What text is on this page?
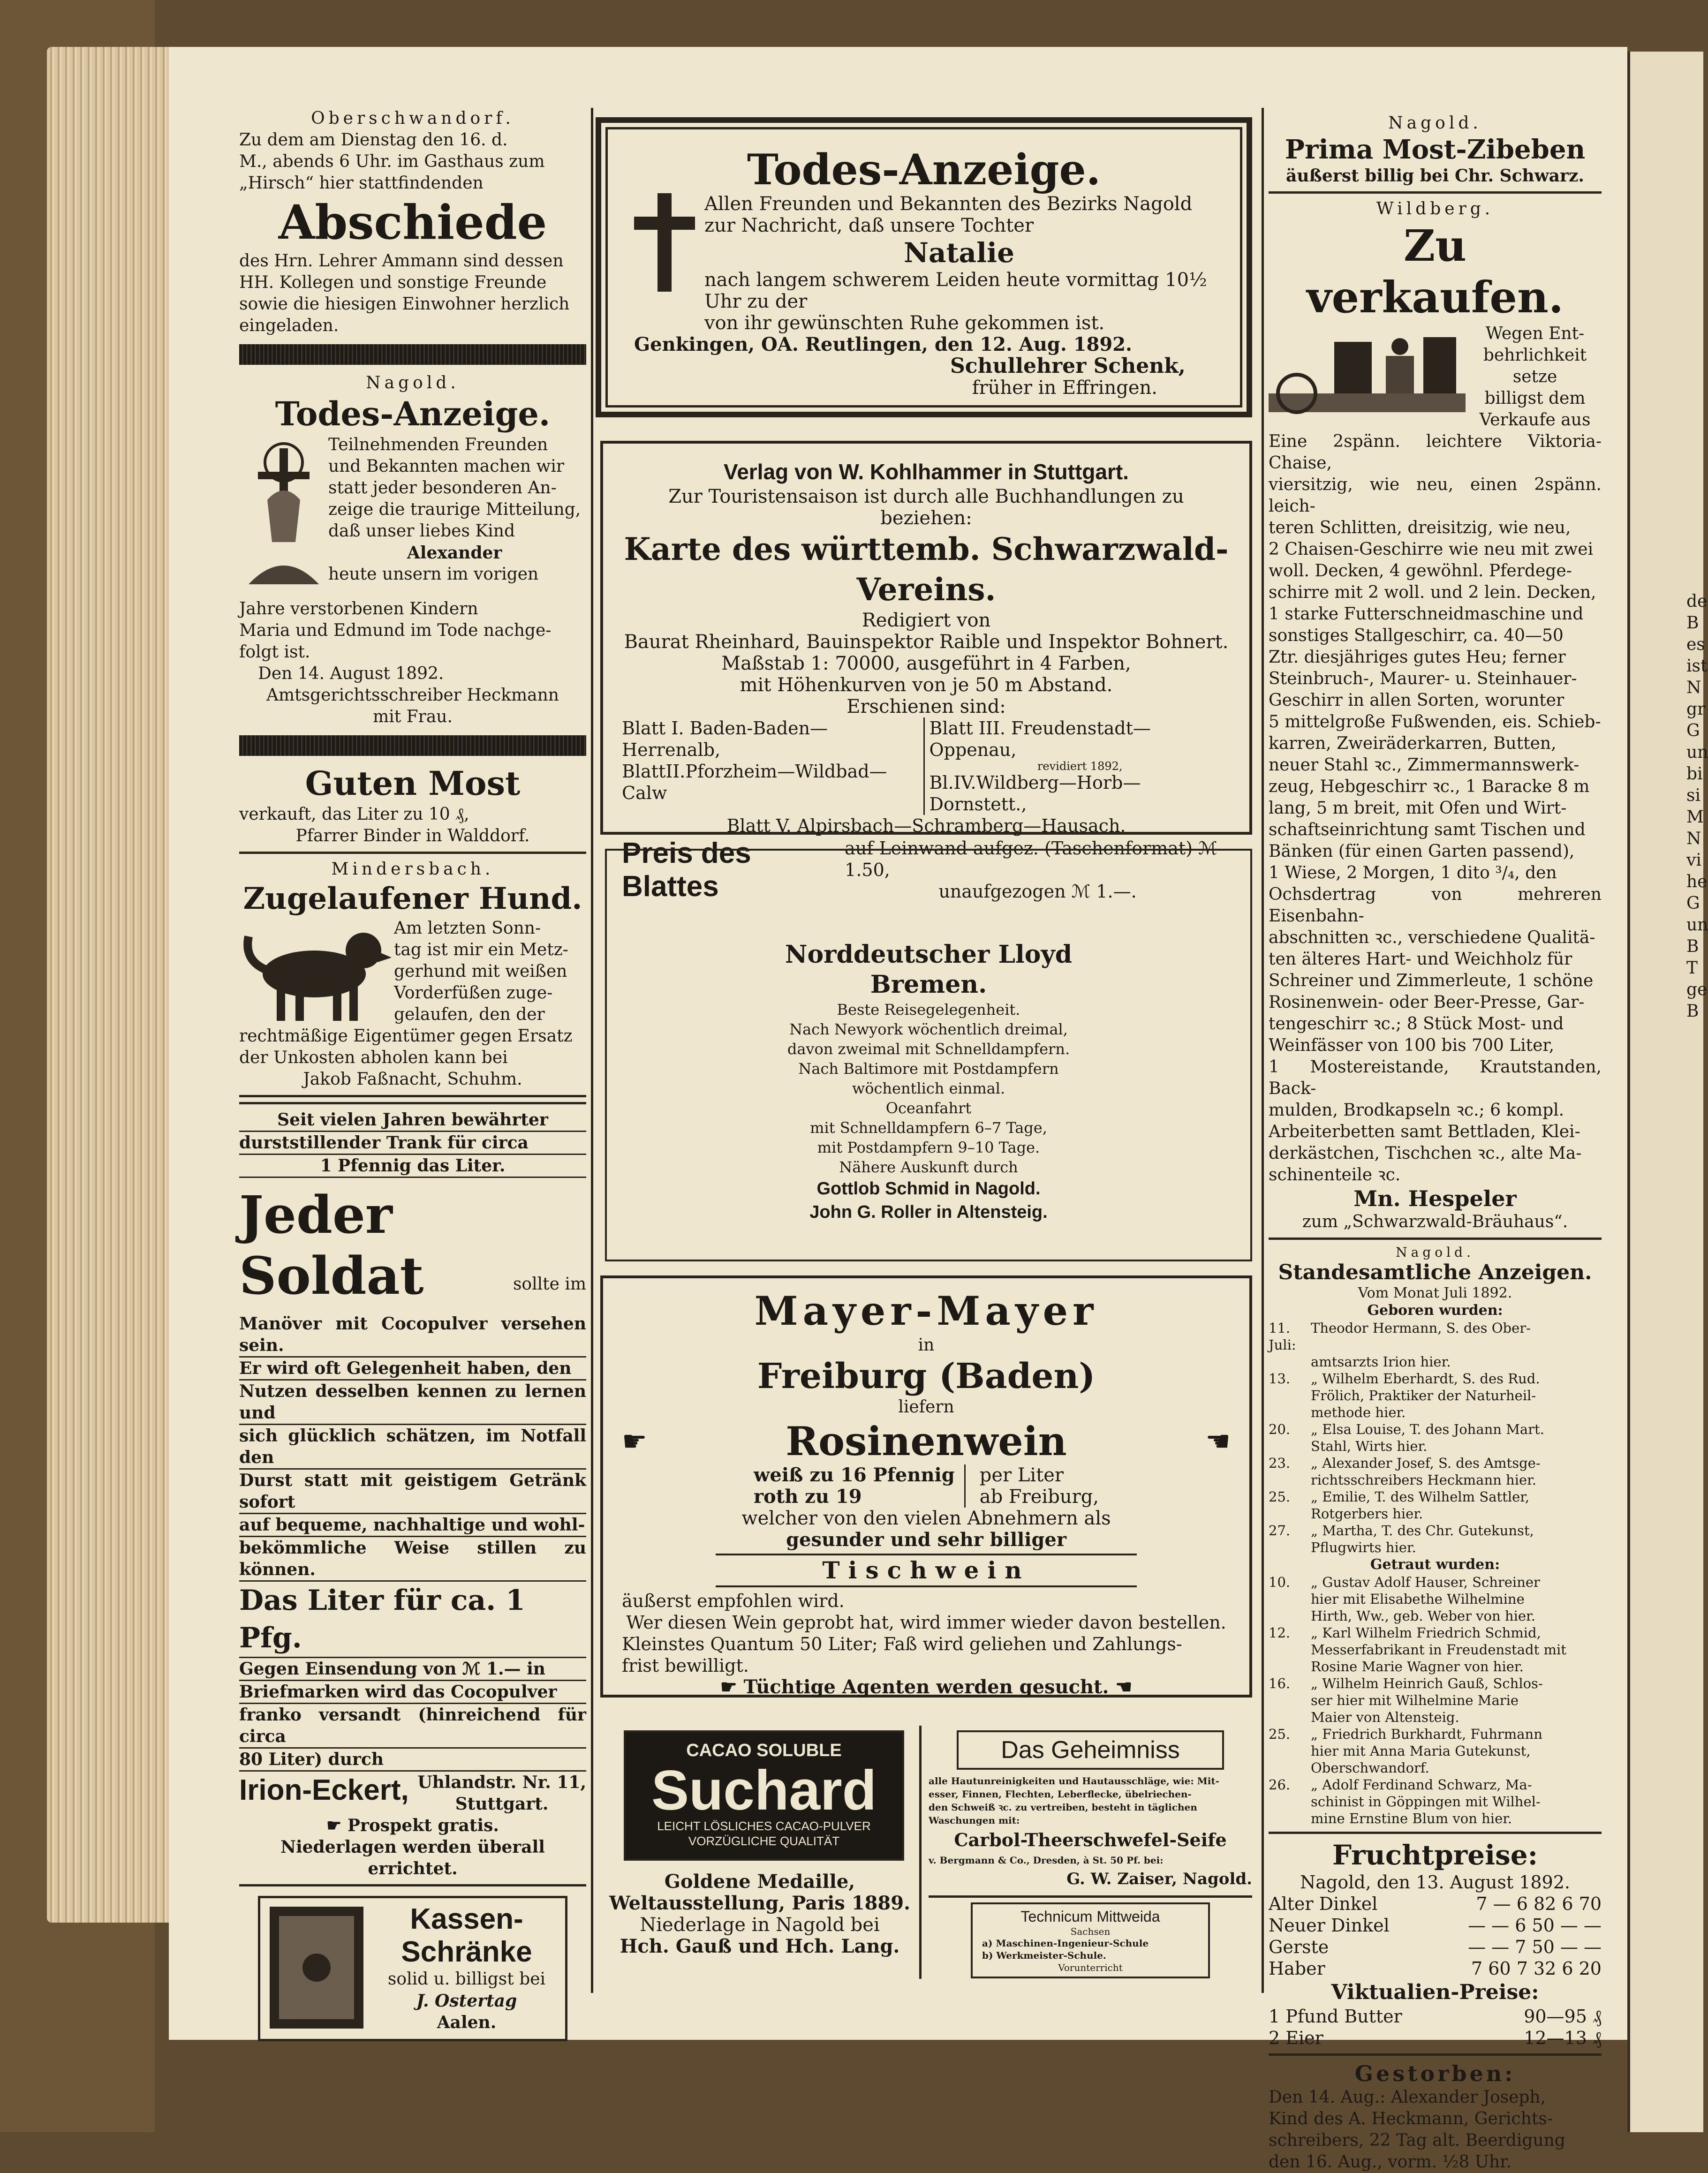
Oberschwandorf.

Zu dem am Dienstag den 16. d.

M., abends 6 Uhr. im Gasthaus zum

„Hirsch“ hier stattfindenden

Abschiede

des Hrn. Lehrer Ammann sind dessen

HH. Kollegen und sonstige Freunde

sowie die hiesigen Einwohner herzlich

eingeladen.

Nagold.

Todes-Anzeige.

Teilnehmenden Freunden

und Bekannten machen wir

statt jeder besonderen An-

zeige die traurige Mitteilung,

daß unser liebes Kind

Alexander

heute unsern im vorigen

Jahre verstorbenen Kindern

Maria und Edmund im Tode nachge-

folgt ist.

Den 14. August 1892.

Amtsgerichtsschreiber Heckmann

mit Frau.

Guten Most

verkauft, das Liter zu 10 ₰,

Pfarrer Binder in Walddorf.

Mindersbach.

Zugelaufener Hund.

Am letzten Sonn-

tag ist mir ein Metz-

gerhund mit weißen

Vorderfüßen zuge-

gelaufen, den der

rechtmäßige Eigentümer gegen Ersatz

der Unkosten abholen kann bei

Jakob Faßnacht, Schuhm.

Seit vielen Jahren bewährter

durststillender Trank für circa

1 Pfennig das Liter.

Jeder Soldat	sollte im

Manöver mit Cocopulver versehen sein.

Er wird oft Gelegenheit haben, den

Nutzen desselben kennen zu lernen und

sich glücklich schätzen, im Notfall den

Durst statt mit geistigem Getränk sofort

auf bequeme, nachhaltige und wohl-

bekömmliche Weise stillen zu können.

Das Liter für ca. 1 Pfg.

Gegen Einsendung von ℳ 1.— in

Briefmarken wird das Cocopulver

franko versandt (hinreichend für circa

80 Liter) durch

Irion-Eckert, Uhlandstr. Nr. 11,

Stuttgart.

☛ Prospekt gratis.

Niederlagen werden überall errichtet.

Kassen-

Schränke

solid u. billigst bei

J. Ostertag

Aalen.

Todes-Anzeige.

Allen Freunden und Bekannten des Bezirks Nagold

zur Nachricht, daß unsere Tochter

Natalie

nach langem schwerem Leiden heute vormittag 10½ Uhr zu der

von ihr gewünschten Ruhe gekommen ist.

Genkingen, OA. Reutlingen, den 12. Aug. 1892.

Schullehrer Schenk,

früher in Effringen.

Verlag von W. Kohlhammer in Stuttgart.

Zur Touristensaison ist durch alle Buchhandlungen zu beziehen:

Karte des württemb. Schwarzwald-Vereins.

Redigiert von

Baurat Rheinhard, Bauinspektor Raible und Inspektor Bohnert.

Maßstab 1: 70000, ausgeführt in 4 Farben,

mit Höhenkurven von je 50 m Abstand.

Erschienen sind:

Blatt I. Baden-Baden—Herrenalb,

BlattII.Pforzheim—Wildbad—Calw

Blatt III. Freudenstadt—Oppenau,

revidiert 1892,

Bl.IV.Wildberg—Horb—Dornstett.,

Blatt V. Alpirsbach—Schramberg—Hausach.

Preis des Blattes

auf Leinwand aufgez. (Taschenformat) ℳ 1.50,

unaufgezogen ℳ 1.—.

Norddeutscher Lloyd

Bremen.

Beste Reisegelegenheit.

Nach Newyork wöchentlich dreimal,

davon zweimal mit Schnelldampfern.

Nach Baltimore mit Postdampfern

wöchentlich einmal.

Oceanfahrt

mit Schnelldampfern 6–7 Tage,

mit Postdampfern 9–10 Tage.

Nähere Auskunft durch

Gottlob Schmid in Nagold.

John G. Roller in Altensteig.

Mayer-Mayer

in

Freiburg (Baden)

liefern

☛	Rosinenwein	☚

weiß zu 16 Pfennig

roth zu 19

per Liter

ab Freiburg,

welcher von den vielen Abnehmern als

gesunder und sehr billiger

Tischwein

äußerst empfohlen wird.

Wer diesen Wein geprobt hat, wird immer wieder davon bestellen.

Kleinstes Quantum 50 Liter; Faß wird geliehen und Zahlungs-

frist bewilligt.

☛ Tüchtige Agenten werden gesucht. ☚

CACAO SOLUBLE

Suchard

LEICHT LÖSLICHES CACAO-PULVER

VORZÜGLICHE QUALITÄT

Goldene Medaille,

Weltausstellung, Paris 1889.

Niederlage in Nagold bei

Hch. Gauß und Hch. Lang.

Das Geheimniss

alle Hautunreinigkeiten und Hautausschläge, wie: Mit-

esser, Finnen, Flechten, Leberflecke, übelriechen-

den Schweiß ꝛc. zu vertreiben, besteht in täglichen

Waschungen mit:

Carbol-Theerschwefel-Seife

v. Bergmann & Co., Dresden, à St. 50 Pf. bei:

G. W. Zaiser, Nagold.

Technicum Mittweida

Sachsen

a) Maschinen-Ingenieur-Schule

b) Werkmeister-Schule.

Vorunterricht

Nagold.

Prima Most-Zibeben

äußerst billig bei Chr. Schwarz.

Wildberg.

Zu verkaufen.

Wegen Ent-

behrlichkeit setze

billigst dem

Verkaufe aus

Eine 2spänn. leichtere Viktoria-Chaise,

viersitzig, wie neu, einen 2spänn. leich-

teren Schlitten, dreisitzig, wie neu,

2 Chaisen-Geschirre wie neu mit zwei

woll. Decken, 4 gewöhnl. Pferdege-

schirre mit 2 woll. und 2 lein. Decken,

1 starke Futterschneidmaschine und

sonstiges Stallgeschirr, ca. 40—50

Ztr. diesjähriges gutes Heu; ferner

Steinbruch-, Maurer- u. Steinhauer-

Geschirr in allen Sorten, worunter

5 mittelgroße Fußwenden, eis. Schieb-

karren, Zweiräderkarren, Butten,

neuer Stahl ꝛc., Zimmermannswerk-

zeug, Hebgeschirr ꝛc., 1 Baracke 8 m

lang, 5 m breit, mit Ofen und Wirt-

schaftseinrichtung samt Tischen und

Bänken (für einen Garten passend),

1 Wiese, 2 Morgen, 1 dito ³/₄, den

Ochsdertrag von mehreren Eisenbahn-

abschnitten ꝛc., verschiedene Qualitä-

ten älteres Hart- und Weichholz für

Schreiner und Zimmerleute, 1 schöne

Rosinenwein- oder Beer-Presse, Gar-

tengeschirr ꝛc.; 8 Stück Most- und

Weinfässer von 100 bis 700 Liter,

1 Mostereistande, Krautstanden, Back-

mulden, Brodkapseln ꝛc.; 6 kompl.

Arbeiterbetten samt Bettladen, Klei-

derkästchen, Tischchen ꝛc., alte Ma-

schinenteile ꝛc.

Mn. Hespeler

zum „Schwarzwald-Bräuhaus“.

Nagold.

Standesamtliche Anzeigen.

Vom Monat Juli 1892.

Geboren wurden:

11. Juli:
Theodor Hermann, S. des Ober-
amtsarzts Irion hier.
13.	„ Wilhelm Eberhardt, S. des Rud.
Frölich, Praktiker der Naturheil-
methode hier.
20.	„ Elsa Louise, T. des Johann Mart.
Stahl, Wirts hier.
23.	„ Alexander Josef, S. des Amtsge-
richtsschreibers Heckmann hier.
25.	„ Emilie, T. des Wilhelm Sattler,
Rotgerbers hier.
27.	„ Martha, T. des Chr. Gutekunst,
Pflugwirts hier.

Getraut wurden:

10.	„ Gustav Adolf Hauser, Schreiner
hier mit Elisabethe Wilhelmine
Hirth, Ww., geb. Weber von hier.
12.	„ Karl Wilhelm Friedrich Schmid,
Messerfabrikant in Freudenstadt mit
Rosine Marie Wagner von hier.
16.	„ Wilhelm Heinrich Gauß, Schlos-
ser hier mit Wilhelmine Marie
Maier von Altensteig.
25.	„ Friedrich Burkhardt, Fuhrmann
hier mit Anna Maria Gutekunst,
Oberschwandorf.
26.	„ Adolf Ferdinand Schwarz, Ma-
schinist in Göppingen mit Wilhel-
mine Ernstine Blum von hier.

Fruchtpreise:

Nagold, den 13. August 1892.

Alter Dinkel	7 — 6 82 6 70
Neuer Dinkel	— — 6 50 — —
Gerste	— — 7 50 — —
Haber	7 60 7 32 6 20

Viktualien-Preise:

1 Pfund Butter	90—95 ₰
2 Eier	12—13 ₰

Gestorben:

Den 14. Aug.: Alexander Joseph,

Kind des A. Heckmann, Gerichts-

schreibers, 22 Tag alt. Beerdigung

den 16. Aug., vorm. ½8 Uhr.

de
B
es
ist
N
gr
G
un
bi
si
M
N
vi
he
G
un
B
T
ge
B
